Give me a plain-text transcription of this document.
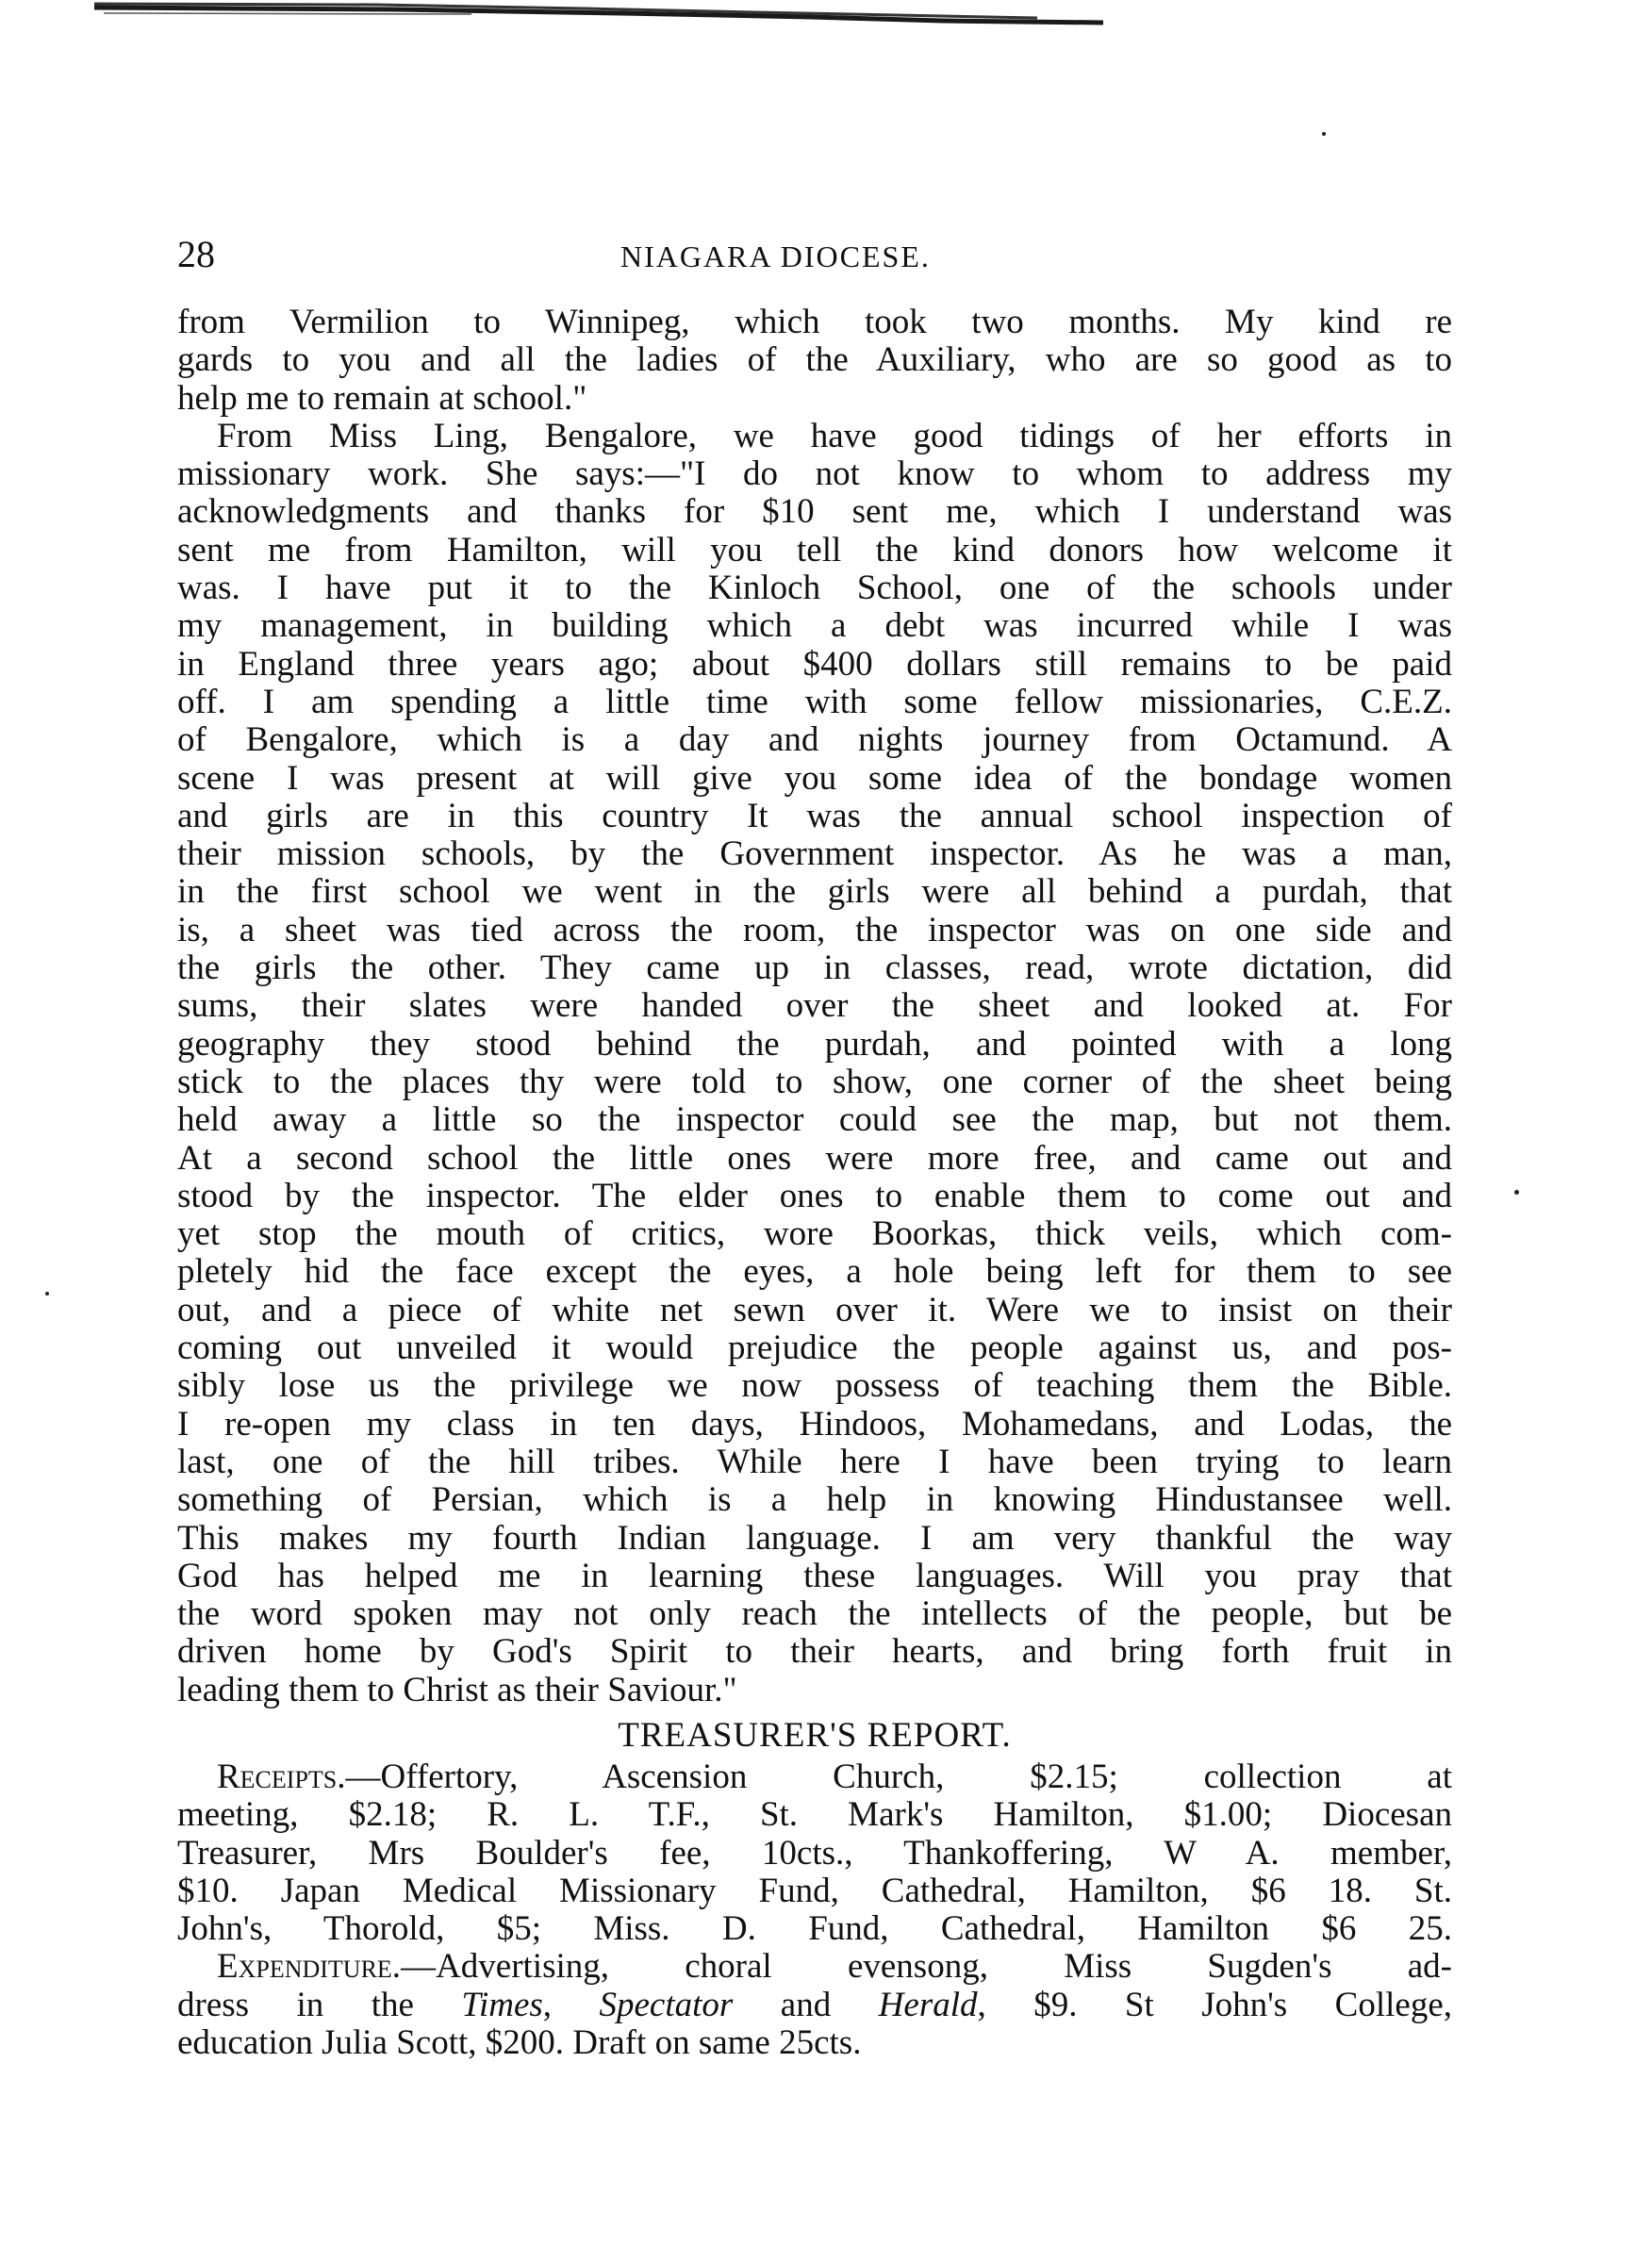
28	NIAGARA DIOCESE.
from Vermilion to Winnipeg, which took two months. My kind re
gards to you and all the ladies of the Auxiliary, who are so good as to
help me to remain at school."
From Miss Ling, Bengalore, we have good tidings of her efforts in
missionary work. She says:—"I do not know to whom to address my
acknowledgments and thanks for $10 sent me, which I understand was
sent me from Hamilton, will you tell the kind donors how welcome it
was. I have put it to the Kinloch School, one of the schools under
my management, in building which a debt was incurred while I was
in England three years ago; about $400 dollars still remains to be paid
off. I am spending a little time with some fellow missionaries, C.E.Z.
of Bengalore, which is a day and nights journey from Octamund. A
scene I was present at will give you some idea of the bondage women
and girls are in this country It was the annual school inspection of
their mission schools, by the Government inspector. As he was a man,
in the first school we went in the girls were all behind a purdah, that
is, a sheet was tied across the room, the inspector was on one side and
the girls the other. They came up in classes, read, wrote dictation, did
sums, their slates were handed over the sheet and looked at. For
geography they stood behind the purdah, and pointed with a long
stick to the places thy were told to show, one corner of the sheet being
held away a little so the inspector could see the map, but not them.
At a second school the little ones were more free, and came out and
stood by the inspector. The elder ones to enable them to come out and
yet stop the mouth of critics, wore Boorkas, thick veils, which com-
pletely hid the face except the eyes, a hole being left for them to see
out, and a piece of white net sewn over it. Were we to insist on their
coming out unveiled it would prejudice the people against us, and pos-
sibly lose us the privilege we now possess of teaching them the Bible.
I re-open my class in ten days, Hindoos, Mohamedans, and Lodas, the
last, one of the hill tribes. While here I have been trying to learn
something of Persian, which is a help in knowing Hindustansee well.
This makes my fourth Indian language. I am very thankful the way
God has helped me in learning these languages. Will you pray that
the word spoken may not only reach the intellects of the people, but be
driven home by God's Spirit to their hearts, and bring forth fruit in
leading them to Christ as their Saviour."
TREASURER'S REPORT.
Receipts.—Offertory, Ascension Church, $2.15; collection at
meeting, $2.18; R. L. T.F., St. Mark's Hamilton, $1.00; Diocesan
Treasurer, Mrs Boulder's fee, 10cts., Thankoffering, W A. member,
$10. Japan Medical Missionary Fund, Cathedral, Hamilton, $6 18. St.
John's, Thorold, $5; Miss. D. Fund, Cathedral, Hamilton $6 25.
Expenditure.—Advertising, choral evensong, Miss Sugden's ad-
dress in the Times, Spectator and Herald, $9. St John's College,
education Julia Scott, $200. Draft on same 25cts.
